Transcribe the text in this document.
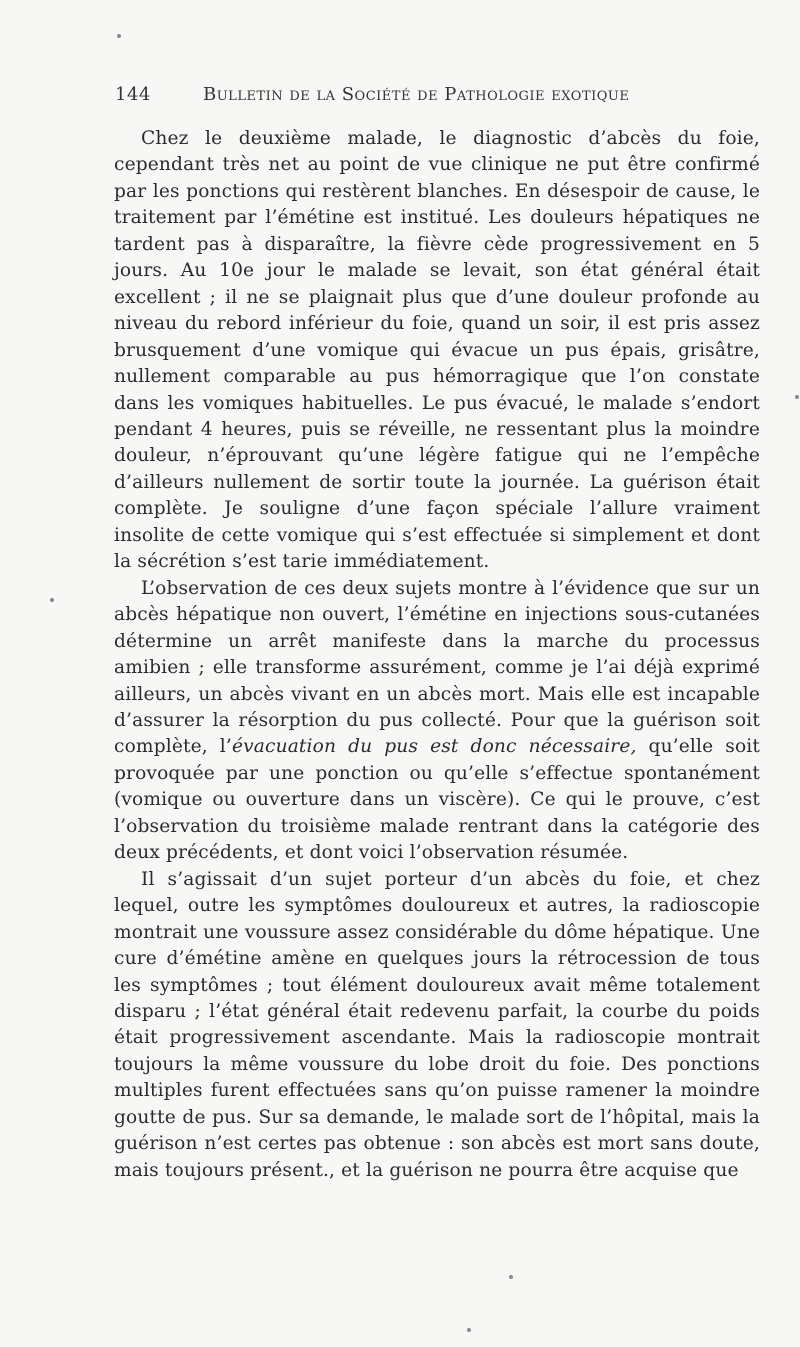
144	Bulletin de la Société de Pathologie exotique

Chez le deuxième malade, le diagnostic d’abcès du foie, cependant très net au point de vue clinique ne put être confirmé par les ponctions qui restèrent blanches. En désespoir de cause, le traitement par l’émétine est institué. Les douleurs hépatiques ne tardent pas à disparaître, la fièvre cède progressivement en 5 jours. Au 10e jour le malade se levait, son état général était excellent ; il ne se plaignait plus que d’une douleur profonde au niveau du rebord inférieur du foie, quand un soir, il est pris assez brusquement d’une vomique qui évacue un pus épais, grisâtre, nullement comparable au pus hémorragique que l’on constate dans les vomiques habituelles. Le pus évacué, le malade s’endort pendant 4 heures, puis se réveille, ne ressentant plus la moindre douleur, n’éprouvant qu’une légère fatigue qui ne l’empêche d’ailleurs nullement de sortir toute la journée. La guérison était complète. Je souligne d’une façon spéciale l’allure vraiment insolite de cette vomique qui s’est effectuée si simplement et dont la sécrétion s’est tarie immédiatement.

L’observation de ces deux sujets montre à l’évidence que sur un abcès hépatique non ouvert, l’émétine en injections sous-cutanées détermine un arrêt manifeste dans la marche du processus amibien ; elle transforme assurément, comme je l’ai déjà exprimé ailleurs, un abcès vivant en un abcès mort. Mais elle est incapable d’assurer la résorption du pus collecté. Pour que la guérison soit complète, l’évacuation du pus est donc nécessaire, qu’elle soit provoquée par une ponction ou qu’elle s’effectue spontanément (vomique ou ouverture dans un viscère). Ce qui le prouve, c’est l’observation du troisième malade rentrant dans la catégorie des deux précédents, et dont voici l’observation résumée.

Il s’agissait d’un sujet porteur d’un abcès du foie, et chez lequel, outre les symptômes douloureux et autres, la radioscopie montrait une voussure assez considérable du dôme hépatique. Une cure d’émétine amène en quelques jours la rétrocession de tous les symptômes ; tout élément douloureux avait même totalement disparu ; l’état général était redevenu parfait, la courbe du poids était progressivement ascendante. Mais la radioscopie montrait toujours la même voussure du lobe droit du foie. Des ponctions multiples furent effectuées sans qu’on puisse ramener la moindre goutte de pus. Sur sa demande, le malade sort de l’hôpital, mais la guérison n’est certes pas obtenue : son abcès est mort sans doute, mais toujours présent., et la guérison ne pourra être acquise que
